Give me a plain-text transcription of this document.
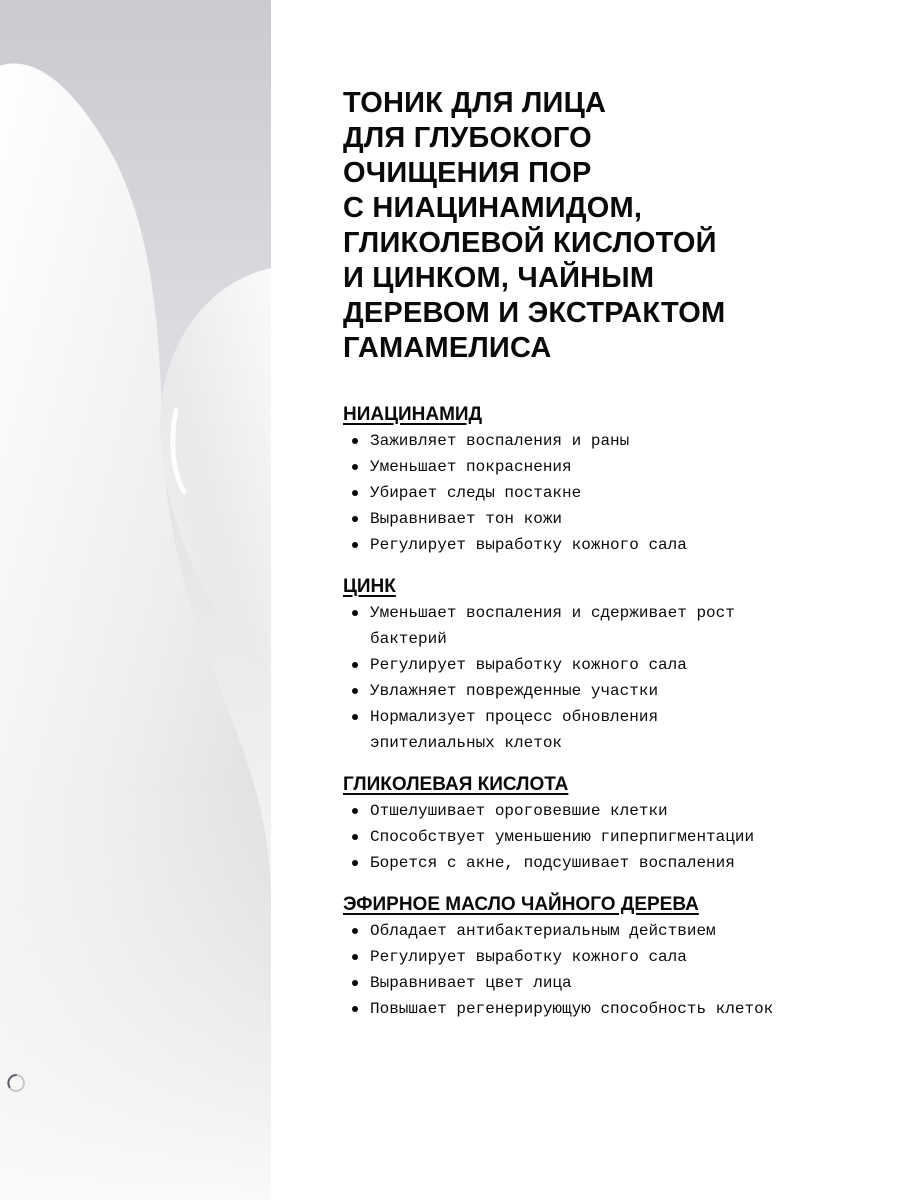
ТОНИК ДЛЯ ЛИЦА
ДЛЯ ГЛУБОКОГО
ОЧИЩЕНИЯ ПОР
С НИАЦИНАМИДОМ,
ГЛИКОЛЕВОЙ КИСЛОТОЙ
И ЦИНКОМ, ЧАЙНЫМ
ДЕРЕВОМ И ЭКСТРАКТОМ
ГАМАМЕЛИСА
НИАЦИНАМИД
Заживляет воспаления и раны
Уменьшает покраснения
Убирает следы постакне
Выравнивает тон кожи
Регулирует выработку кожного сала
ЦИНК
Уменьшает воспаления и сдерживает рост бактерий
Регулирует выработку кожного сала
Увлажняет поврежденные участки
Нормализует процесс обновления эпителиальных клеток
ГЛИКОЛЕВАЯ КИСЛОТА
Отшелушивает ороговевшие клетки
Способствует уменьшению гиперпигментации
Борется с акне, подсушивает воспаления
ЭФИРНОЕ МАСЛО ЧАЙНОГО ДЕРЕВА
Обладает антибактериальным действием
Регулирует выработку кожного сала
Выравнивает цвет лица
Повышает регенерирующую способность клеток
